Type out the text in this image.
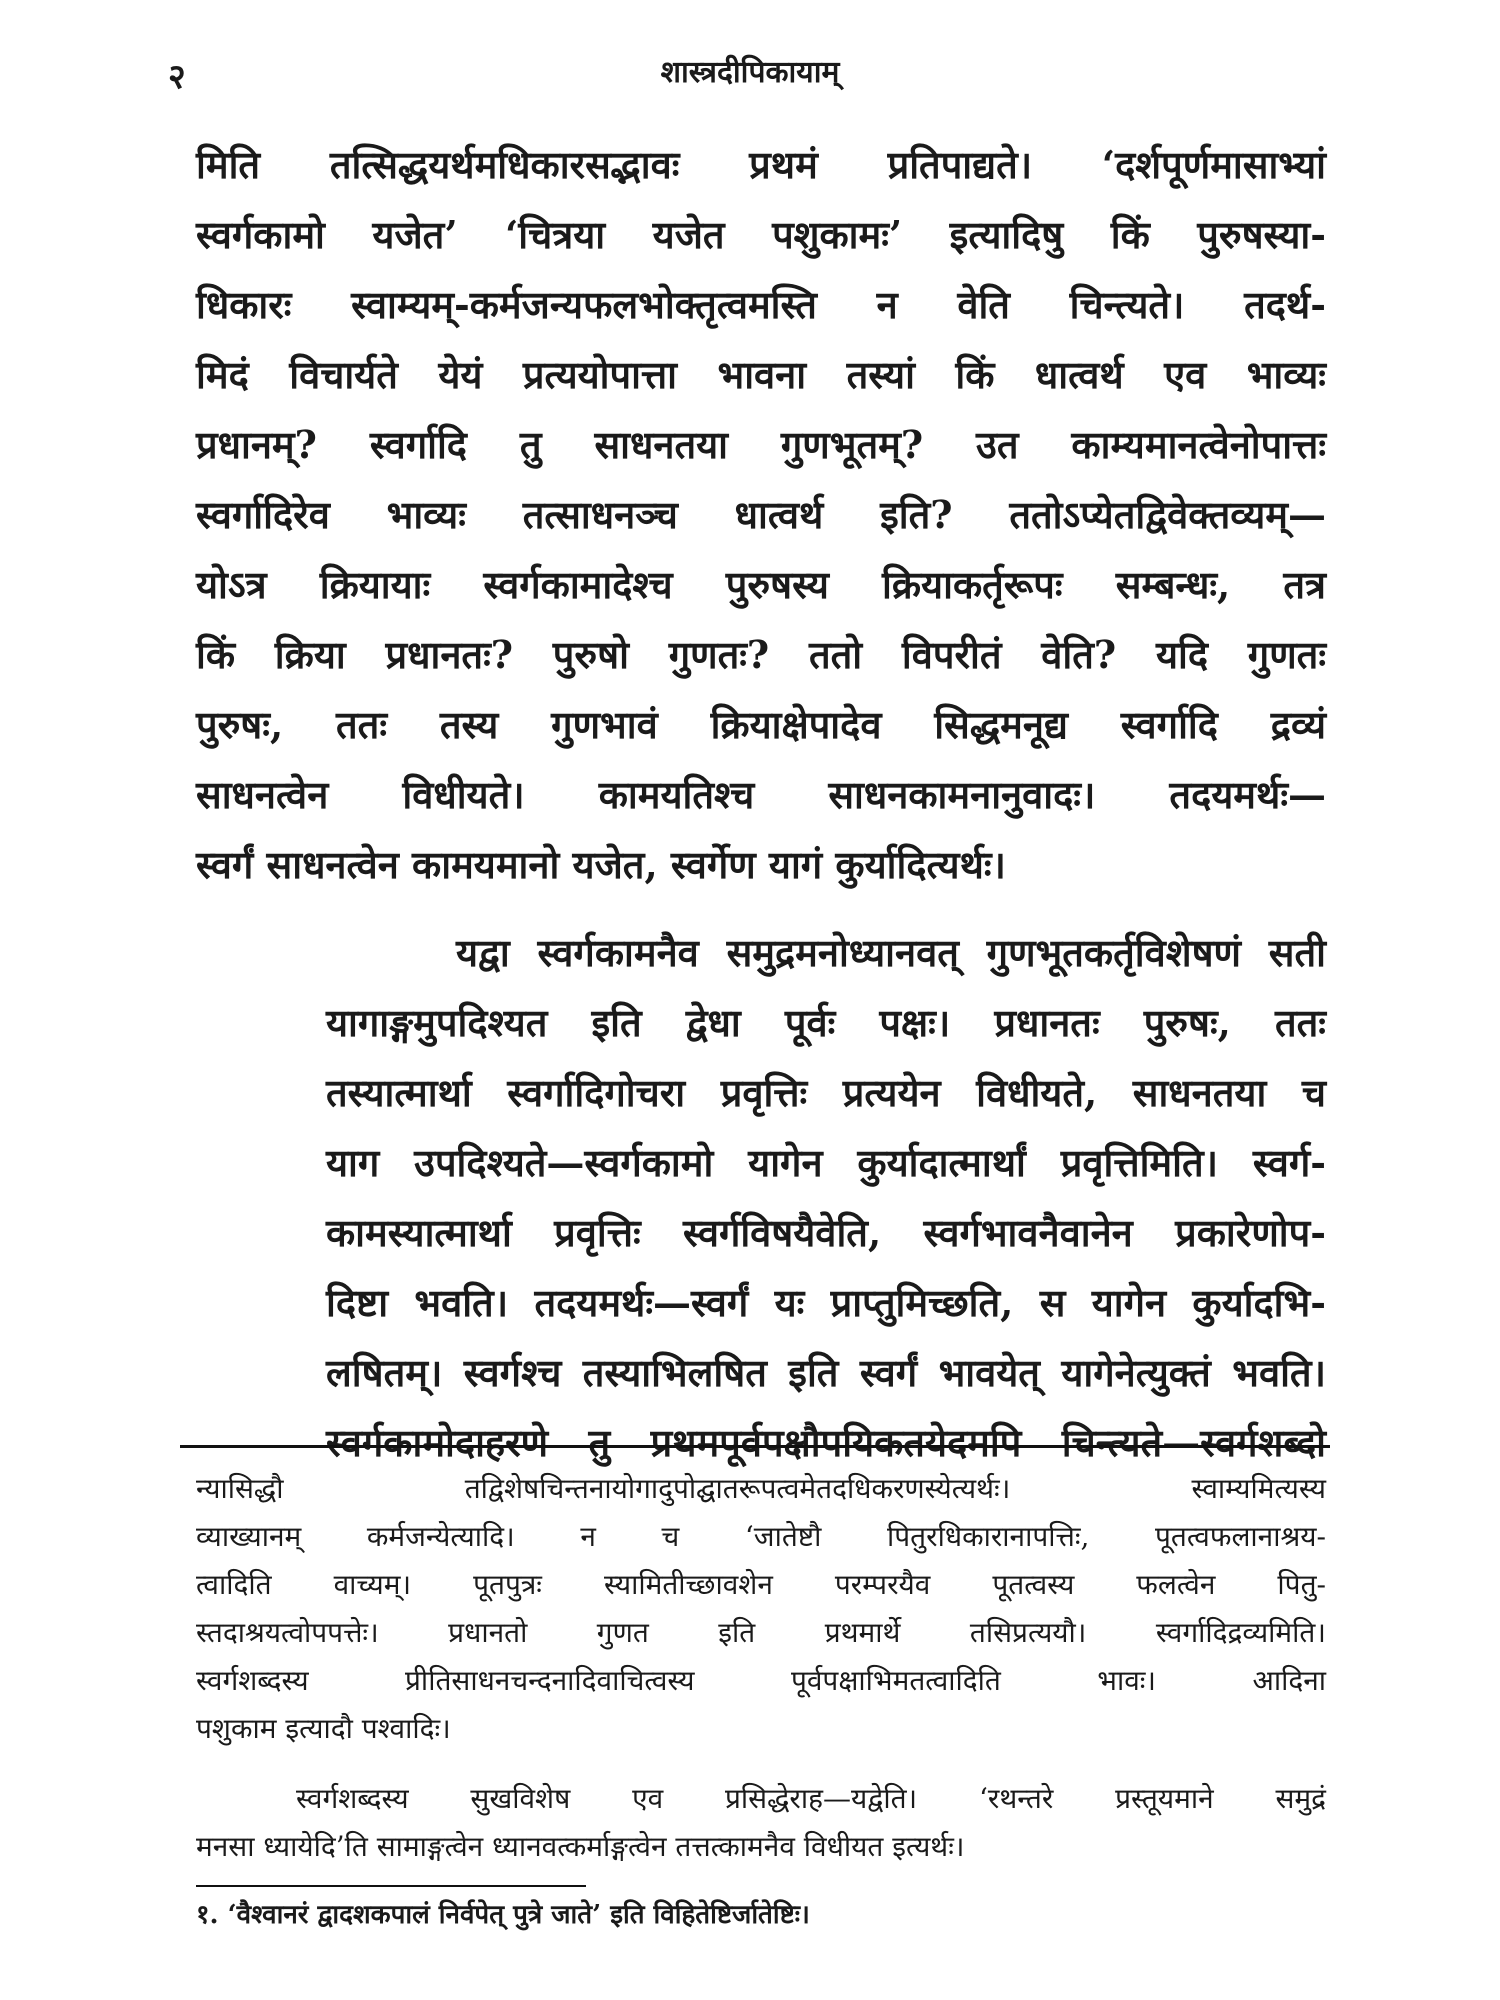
२	शास्त्रदीपिकायाम्

मिति तत्सिद्धयर्थमधिकारसद्भावः प्रथमं प्रतिपाद्यते। ‘दर्शपूर्णमासाभ्यां
स्वर्गकामो यजेत’ ‘चित्रया यजेत पशुकामः’ इत्यादिषु किं पुरुषस्या-
धिकारः स्वाम्यम्-कर्मजन्यफलभोक्तृत्वमस्ति न वेति चिन्त्यते। तदर्थ-
मिदं विचार्यते येयं प्रत्ययोपात्ता भावना तस्यां किं धात्वर्थ एव भाव्यः
प्रधानम्? स्वर्गादि तु साधनतया गुणभूतम्? उत काम्यमानत्वेनोपात्तः
स्वर्गादिरेव भाव्यः तत्साधनञ्च धात्वर्थ इति? ततोऽप्येतद्विवेक्तव्यम्—
योऽत्र क्रियायाः स्वर्गकामादेश्च पुरुषस्य क्रियाकर्तृरूपः सम्बन्धः, तत्र
किं क्रिया प्रधानतः? पुरुषो गुणतः? ततो विपरीतं वेति? यदि गुणतः
पुरुषः, ततः तस्य गुणभावं क्रियाक्षेपादेव सिद्धमनूद्य स्वर्गादि द्रव्यं
साधनत्वेन विधीयते। कामयतिश्च साधनकामनानुवादः। तदयमर्थः—
स्वर्गं साधनत्वेन कामयमानो यजेत, स्वर्गेण यागं कुर्यादित्यर्थः।

यद्वा स्वर्गकामनैव समुद्रमनोध्यानवत् गुणभूतकर्तृविशेषणं सती
यागाङ्गमुपदिश्यत इति द्वेधा पूर्वः पक्षः। प्रधानतः पुरुषः, ततः
तस्यात्मार्था स्वर्गादिगोचरा प्रवृत्तिः प्रत्ययेन विधीयते, साधनतया च
याग उपदिश्यते—स्वर्गकामो यागेन कुर्यादात्मार्थां प्रवृत्तिमिति। स्वर्ग-
कामस्यात्मार्था प्रवृत्तिः स्वर्गविषयैवेति, स्वर्गभावनैवानेन प्रकारेणोप-
दिष्टा भवति। तदयमर्थः—स्वर्गं यः प्राप्तुमिच्छति, स यागेन कुर्यादभि-
लषितम्। स्वर्गश्च तस्याभिलषित इति स्वर्गं भावयेत् यागेनेत्युक्तं भवति।
स्वर्गकामोदाहरणे तु प्रथमपूर्वपक्षौपयिकतयेदमपि चिन्त्यते—स्वर्गशब्दो

न्यासिद्धौ तद्विशेषचिन्तनायोगादुपोद्घातरूपत्वमेतदधिकरणस्येत्यर्थः। स्वाम्यमित्यस्य
व्याख्यानम् कर्मजन्येत्यादि। न च ‘जातेष्टौ पितुरधिकारानापत्तिः, पूतत्वफलानाश्रय-
त्वादिति वाच्यम्। पूतपुत्रः स्यामितीच्छावशेन परम्परयैव पूतत्वस्य फलत्वेन पितु-
स्तदाश्रयत्वोपपत्तेः। प्रधानतो गुणत इति प्रथमार्थे तसिप्रत्ययौ। स्वर्गादिद्रव्यमिति।
स्वर्गशब्दस्य प्रीतिसाधनचन्दनादिवाचित्वस्य पूर्वपक्षाभिमतत्वादिति भावः। आदिना
पशुकाम इत्यादौ पश्वादिः।
स्वर्गशब्दस्य सुखविशेष एव प्रसिद्धेराह—यद्वेति। ‘रथन्तरे प्रस्तूयमाने समुद्रं
मनसा ध्यायेदि’ति सामाङ्गत्वेन ध्यानवत्कर्माङ्गत्वेन तत्तत्कामनैव विधीयत इत्यर्थः।
१. ‘वैश्वानरं द्वादशकपालं निर्वपेत् पुत्रे जाते’ इति विहितेष्टिर्जातेष्टिः।
